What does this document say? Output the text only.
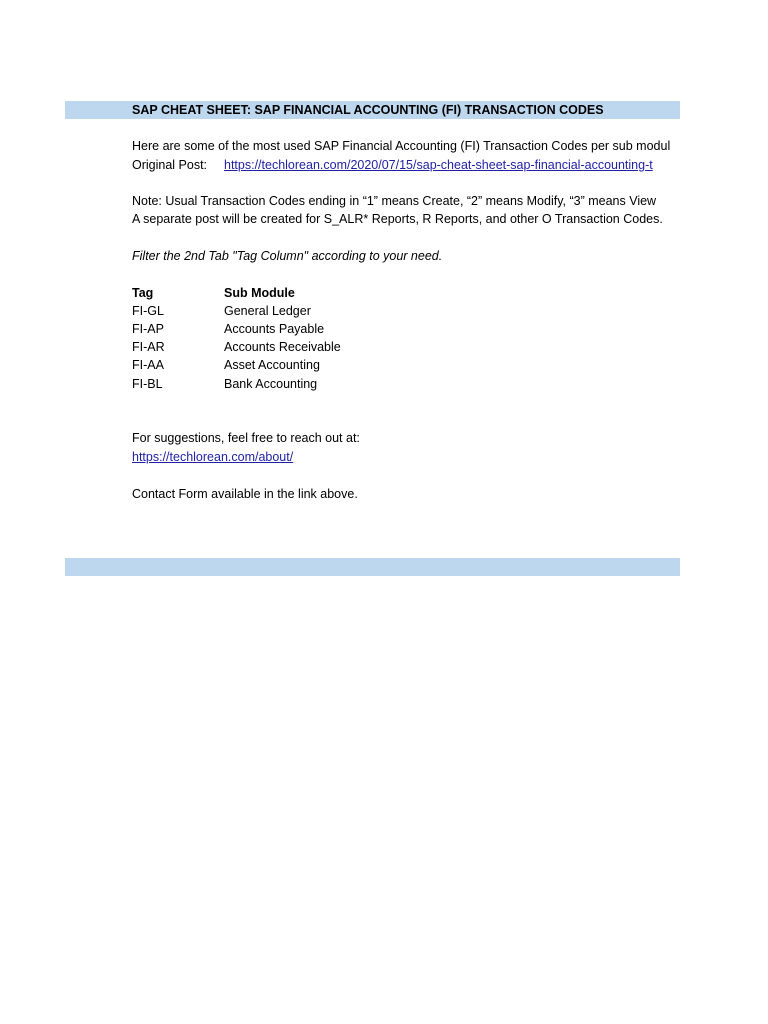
SAP CHEAT SHEET: SAP FINANCIAL ACCOUNTING (FI) TRANSACTION CODES
Here are some of the most used SAP Financial Accounting (FI) Transaction Codes per sub modul
Original Post: https://techlorean.com/2020/07/15/sap-cheat-sheet-sap-financial-accounting-t
Note: Usual Transaction Codes ending in “1” means Create, “2” means Modify, “3” means View
A separate post will be created for S_ALR* Reports, R Reports, and other O Transaction Codes.
Filter the 2nd Tab "Tag Column" according to your need.
Tag	Sub Module
FI-GL	General Ledger
FI-AP	Accounts Payable
FI-AR	Accounts Receivable
FI-AA	Asset Accounting
FI-BL	Bank Accounting
For suggestions, feel free to reach out at:
https://techlorean.com/about/
Contact Form available in the link above.
